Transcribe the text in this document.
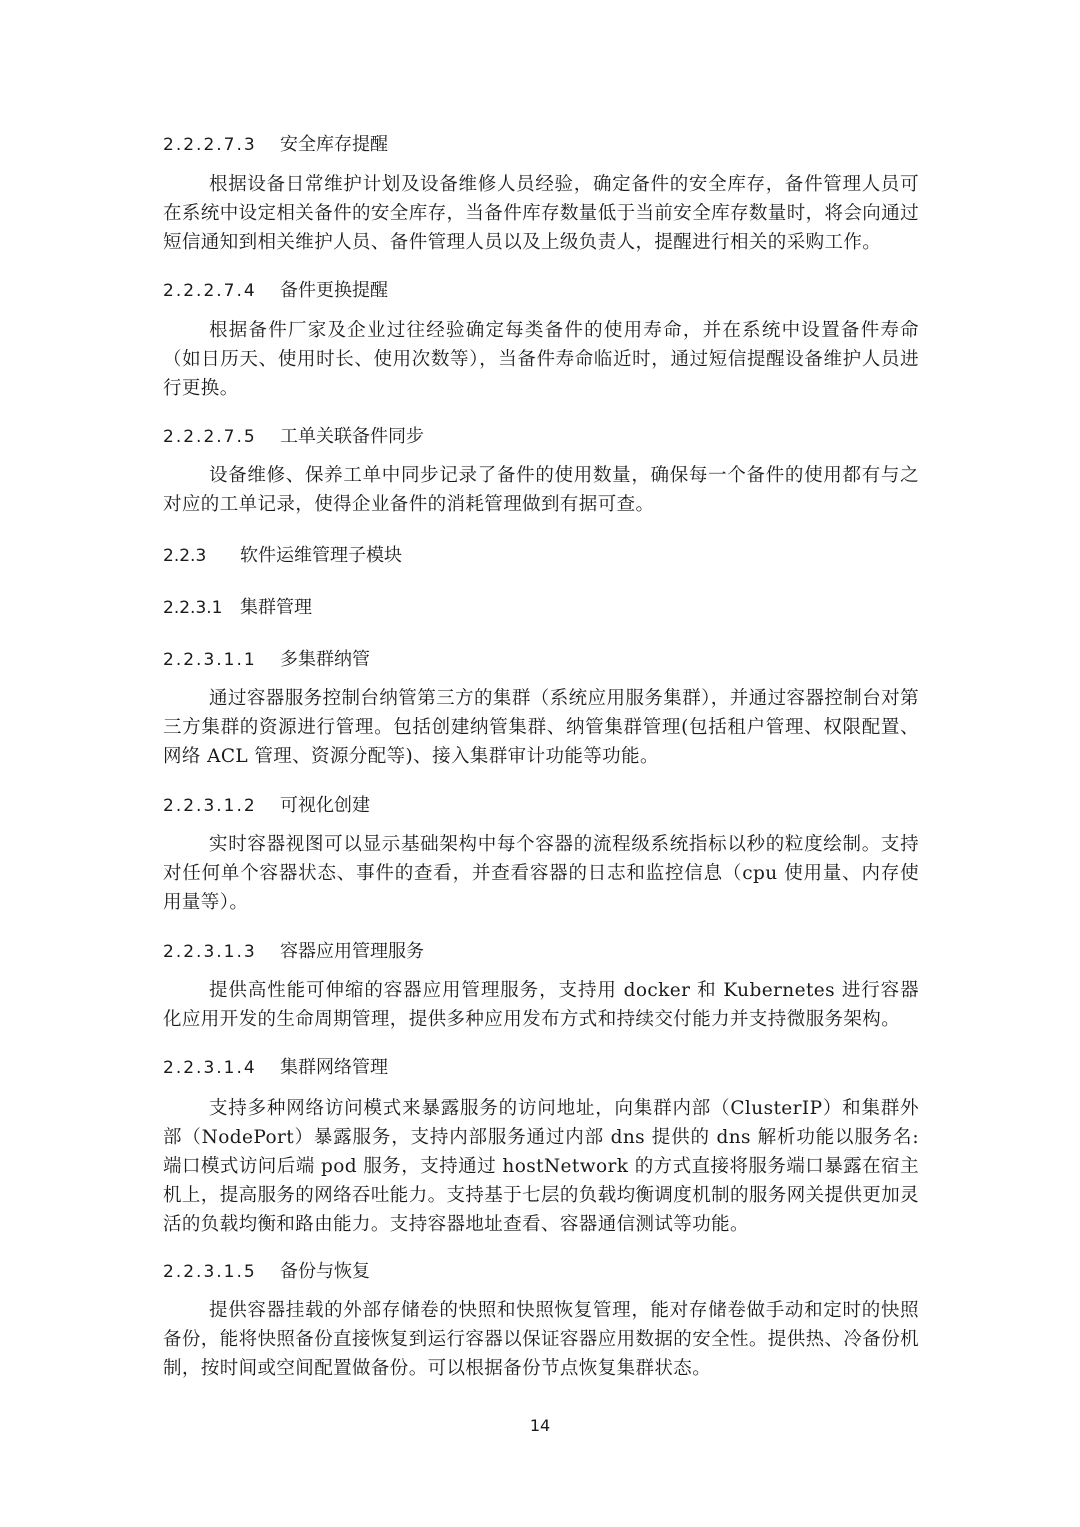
2.2.2.7.3 安全库存提醒
根据设备日常维护计划及设备维修人员经验，确定备件的安全库存，备件管理人员可在系统中设定相关备件的安全库存，当备件库存数量低于当前安全库存数量时，将会向通过短信通知到相关维护人员、备件管理人员以及上级负责人，提醒进行相关的采购工作。
2.2.2.7.4 备件更换提醒
根据备件厂家及企业过往经验确定每类备件的使用寿命，并在系统中设置备件寿命（如日历天、使用时长、使用次数等），当备件寿命临近时，通过短信提醒设备维护人员进行更换。
2.2.2.7.5 工单关联备件同步
设备维修、保养工单中同步记录了备件的使用数量，确保每一个备件的使用都有与之对应的工单记录，使得企业备件的消耗管理做到有据可查。
2.2.3 软件运维管理子模块
2.2.3.1 集群管理
2.2.3.1.1 多集群纳管
通过容器服务控制台纳管第三方的集群（系统应用服务集群），并通过容器控制台对第三方集群的资源进行管理。包括创建纳管集群、纳管集群管理(包括租户管理、权限配置、网络 ACL 管理、资源分配等)、接入集群审计功能等功能。
2.2.3.1.2 可视化创建
实时容器视图可以显示基础架构中每个容器的流程级系统指标以秒的粒度绘制。支持对任何单个容器状态、事件的查看，并查看容器的日志和监控信息（cpu 使用量、内存使用量等）。
2.2.3.1.3 容器应用管理服务
提供高性能可伸缩的容器应用管理服务，支持用 docker 和 Kubernetes 进行容器化应用开发的生命周期管理，提供多种应用发布方式和持续交付能力并支持微服务架构。
2.2.3.1.4 集群网络管理
支持多种网络访问模式来暴露服务的访问地址，向集群内部（ClusterIP）和集群外部（NodePort）暴露服务，支持内部服务通过内部 dns 提供的 dns 解析功能以服务名:端口模式访问后端 pod 服务，支持通过 hostNetwork 的方式直接将服务端口暴露在宿主机上，提高服务的网络吞吐能力。支持基于七层的负载均衡调度机制的服务网关提供更加灵活的负载均衡和路由能力。支持容器地址查看、容器通信测试等功能。
2.2.3.1.5 备份与恢复
提供容器挂载的外部存储卷的快照和快照恢复管理，能对存储卷做手动和定时的快照备份，能将快照备份直接恢复到运行容器以保证容器应用数据的安全性。提供热、冷备份机制，按时间或空间配置做备份。可以根据备份节点恢复集群状态。
14
